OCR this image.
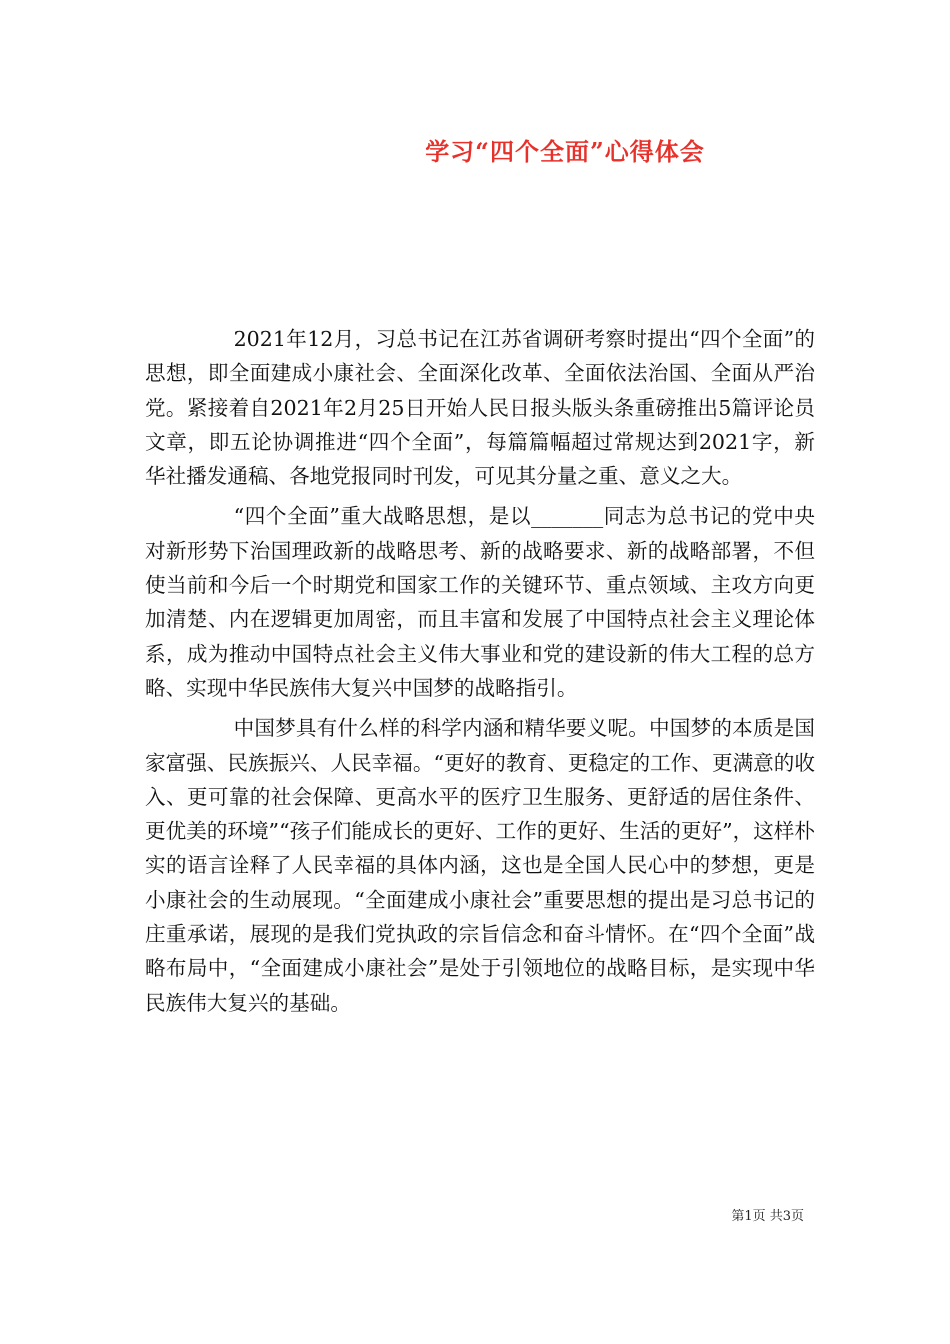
学习“四个全面”心得体会

2021年12月，习总书记在江苏省调研考察时提出“四个全面”的思想，即全面建成小康社会、全面深化改革、全面依法治国、全面从严治党。紧接着自2021年2月25日开始人民日报头版头条重磅推出5篇评论员文章，即五论协调推进“四个全面”，每篇篇幅超过常规达到2021字，新华社播发通稿、各地党报同时刊发，可见其分量之重、意义之大。

“四个全面”重大战略思想，是以_______同志为总书记的党中央对新形势下治国理政新的战略思考、新的战略要求、新的战略部署，不但使当前和今后一个时期党和国家工作的关键环节、重点领域、主攻方向更加清楚、内在逻辑更加周密，而且丰富和发展了中国特点社会主义理论体系，成为推动中国特点社会主义伟大事业和党的建设新的伟大工程的总方略、实现中华民族伟大复兴中国梦的战略指引。

中国梦具有什么样的科学内涵和精华要义呢。中国梦的本质是国家富强、民族振兴、人民幸福。“更好的教育、更稳定的工作、更满意的收入、更可靠的社会保障、更高水平的医疗卫生服务、更舒适的居住条件、更优美的环境”“孩子们能成长的更好、工作的更好、生活的更好”，这样朴实的语言诠释了人民幸福的具体内涵，这也是全国人民心中的梦想，更是小康社会的生动展现。“全面建成小康社会”重要思想的提出是习总书记的庄重承诺，展现的是我们党执政的宗旨信念和奋斗情怀。在“四个全面”战略布局中，“全面建成小康社会”是处于引领地位的战略目标，是实现中华民族伟大复兴的基础。

第1页 共3页
